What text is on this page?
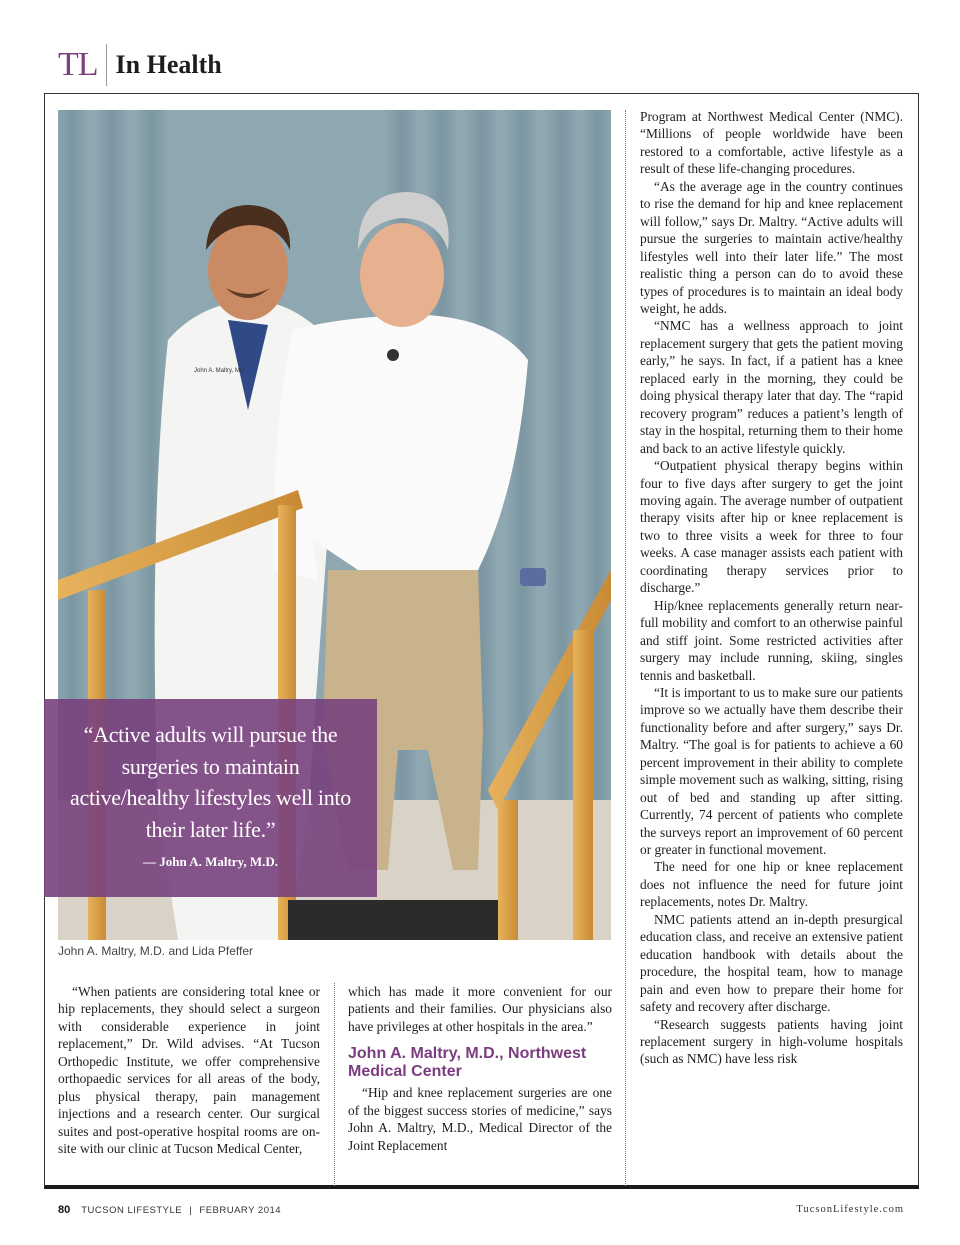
TL In Health
John A. Maltry, MD
“Active adults will pursue the surgeries to maintain active/healthy lifestyles well into their later life.”
— John A. Maltry, M.D.
John A. Maltry, M.D. and Lida Pfeffer

“When patients are considering total knee or hip replacements, they should select a surgeon with considerable experience in joint replacement,” Dr. Wild advises. “At Tucson Orthopedic Institute, we offer comprehensive orthopaedic services for all areas of the body, plus physical therapy, pain management injections and a research center. Our surgical suites and post-operative hospital rooms are on-site with our clinic at Tucson Medical Center,

which has made it more convenient for our patients and their families. Our physicians also have privileges at other hospitals in the area.”

John A. Maltry, M.D., Northwest Medical Center

“Hip and knee replacement surgeries are one of the biggest success stories of medicine,” says John A. Maltry, M.D., Medical Director of the Joint Replacement

Program at Northwest Medical Center (NMC). “Millions of people worldwide have been restored to a comfortable, active lifestyle as a result of these life-changing procedures.

“As the average age in the country continues to rise the demand for hip and knee replacement will follow,” says Dr. Maltry. “Active adults will pursue the surgeries to maintain active/healthy lifestyles well into their later life.” The most realistic thing a person can do to avoid these types of procedures is to maintain an ideal body weight, he adds.

“NMC has a wellness approach to joint replacement surgery that gets the patient moving early,” he says. In fact, if a patient has a knee replaced early in the morning, they could be doing physical therapy later that day. The “rapid recovery program” reduces a patient’s length of stay in the hospital, returning them to their home and back to an active lifestyle quickly.

“Outpatient physical therapy begins within four to five days after surgery to get the joint moving again. The average number of outpatient therapy visits after hip or knee replacement is two to three visits a week for three to four weeks. A case manager assists each patient with coordinating therapy services prior to discharge.”

Hip/knee replacements generally return near-full mobility and comfort to an otherwise painful and stiff joint. Some restricted activities after surgery may include running, skiing, singles tennis and basketball.

“It is important to us to make sure our patients improve so we actually have them describe their functionality before and after surgery,” says Dr. Maltry. “The goal is for patients to achieve a 60 percent improvement in their ability to complete simple movement such as walking, sitting, rising out of bed and standing up after sitting. Currently, 74 percent of patients who complete the surveys report an improvement of 60 percent or greater in functional movement.

The need for one hip or knee replacement does not influence the need for future joint replacements, notes Dr. Maltry.

NMC patients attend an in-depth presurgical education class, and receive an extensive patient education handbook with details about the procedure, the hospital team, how to manage pain and even how to prepare their home for safety and recovery after discharge.

“Research suggests patients having joint replacement surgery in high-volume hospitals (such as NMC) have less risk

80 TUCSON LIFESTYLE | FEBRUARY 2014	TucsonLifestyle.com
